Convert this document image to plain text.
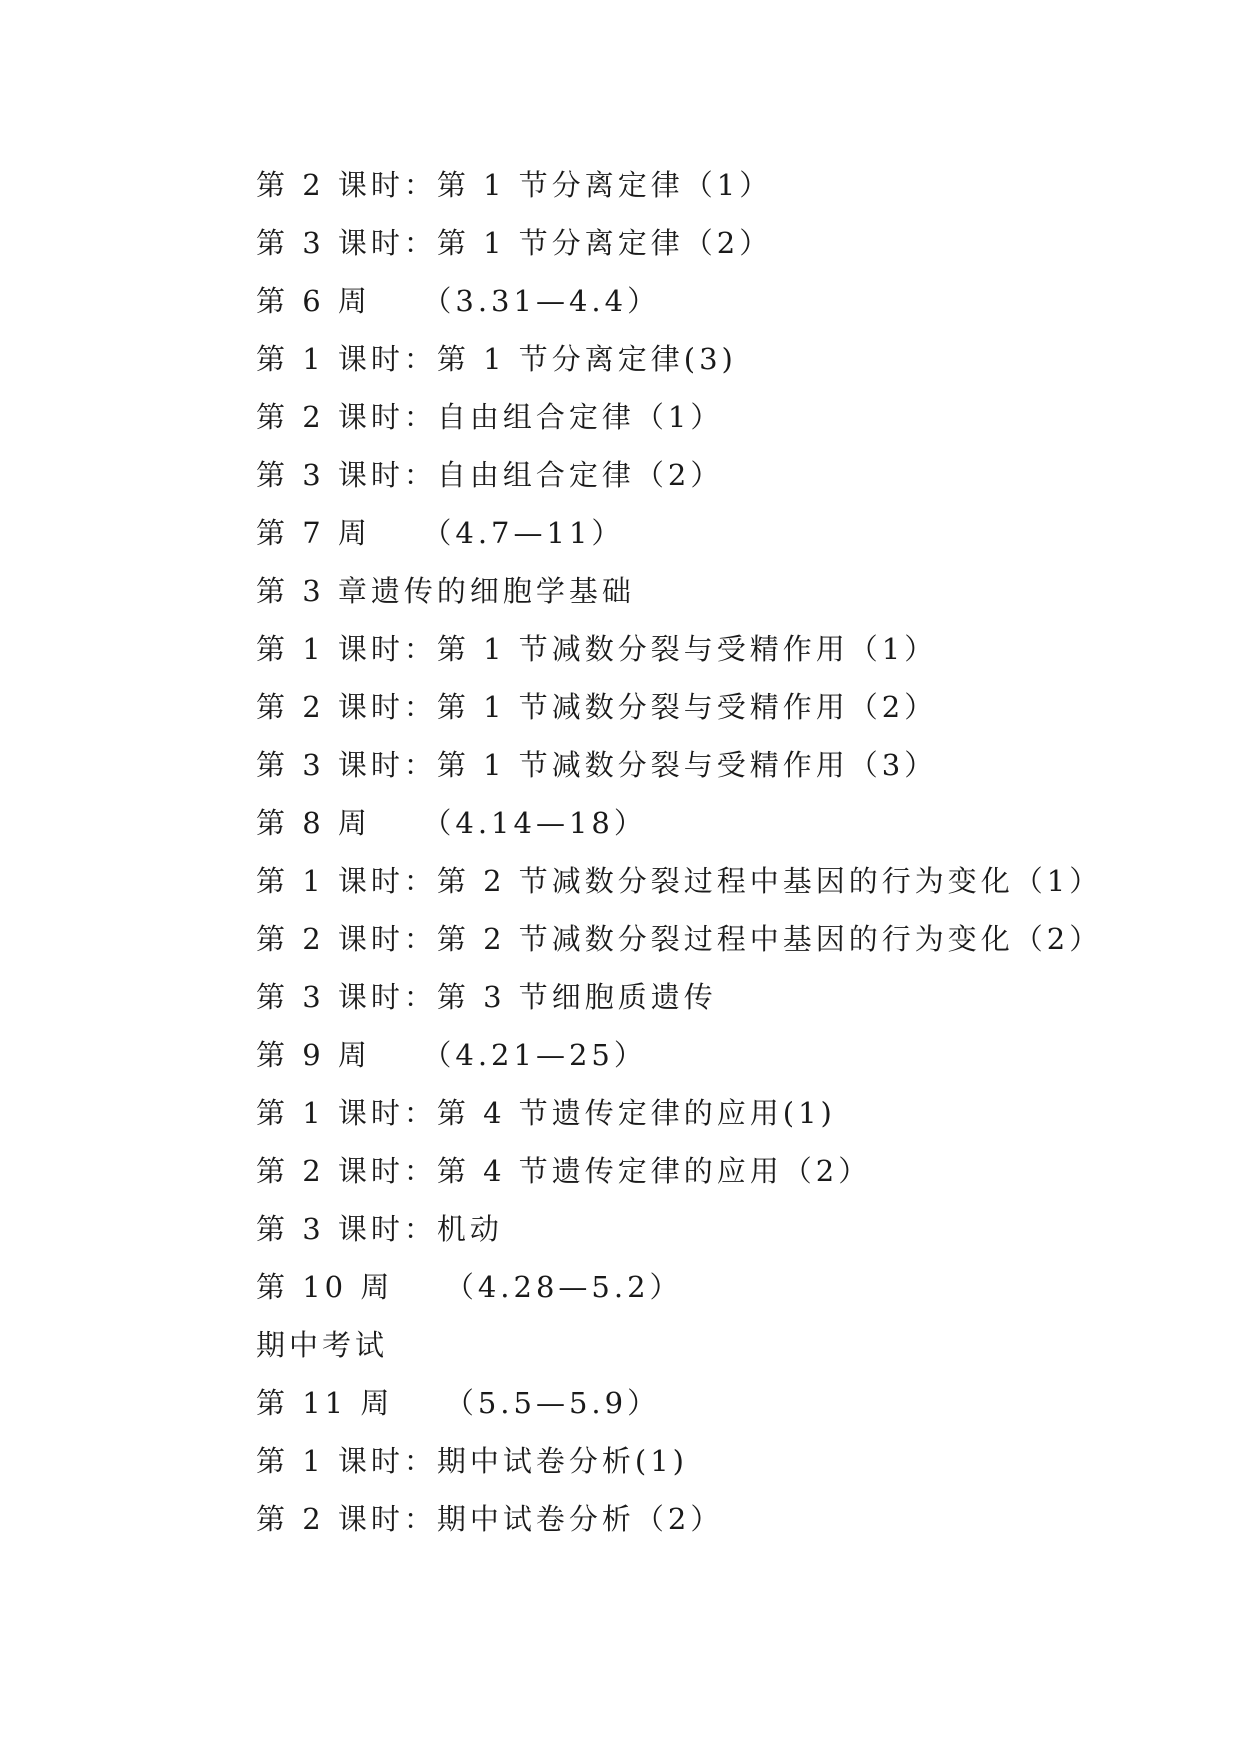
第 2 课时：第 1 节分离定律（1）
第 3 课时：第 1 节分离定律（2）
第 6 周　　（3.31—4.4）
第 1 课时：第 1 节分离定律(3)
第 2 课时：自由组合定律（1）
第 3 课时：自由组合定律（2）
第 7 周　　（4.7—11）
第 3 章遗传的细胞学基础
第 1 课时：第 1 节减数分裂与受精作用（1）
第 2 课时：第 1 节减数分裂与受精作用（2）
第 3 课时：第 1 节减数分裂与受精作用（3）
第 8 周　　（4.14—18）
第 1 课时：第 2 节减数分裂过程中基因的行为变化（1）
第 2 课时：第 2 节减数分裂过程中基因的行为变化（2）
第 3 课时：第 3 节细胞质遗传
第 9 周　　（4.21—25）
第 1 课时：第 4 节遗传定律的应用(1)
第 2 课时：第 4 节遗传定律的应用（2）
第 3 课时：机动
第 10 周　　（4.28—5.2）
期中考试
第 11 周　　（5.5—5.9）
第 1 课时：期中试卷分析(1)
第 2 课时：期中试卷分析（2）
